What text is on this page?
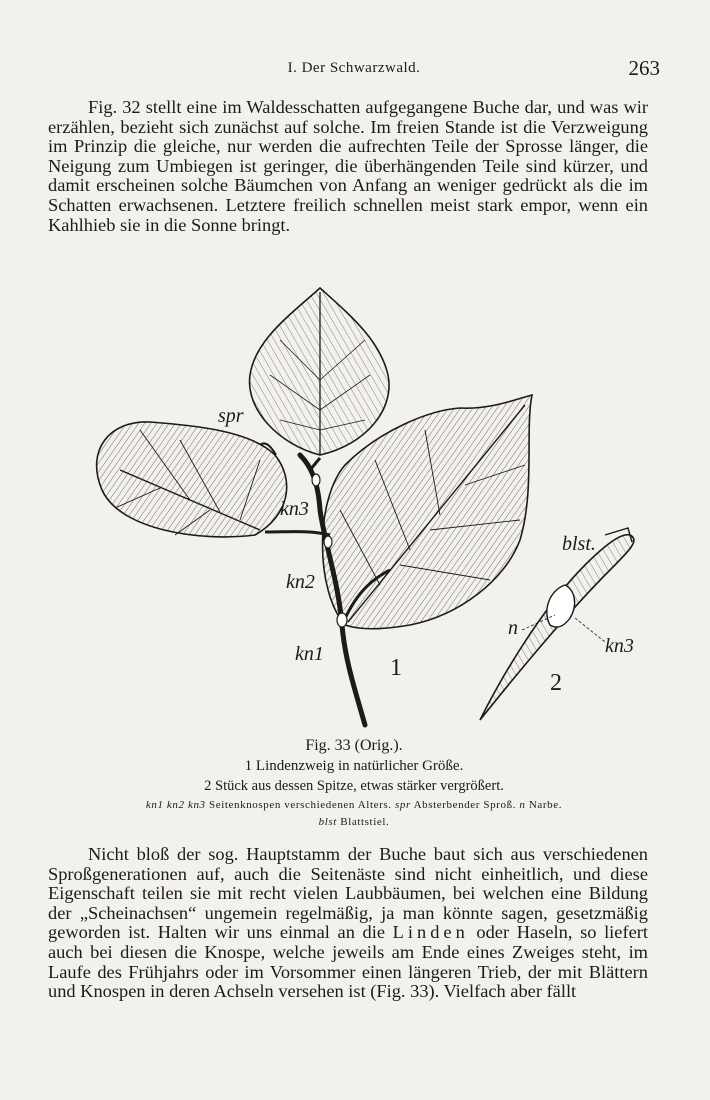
I. Der Schwarzwald.	263

Fig. 32 stellt eine im Waldesschatten aufgegangene Buche dar, und was wir erzählen, bezieht sich zunächst auf solche. Im freien Stande ist die Verzweigung im Prinzip die gleiche, nur werden die aufrechten Teile der Sprosse länger, die Neigung zum Umbiegen ist geringer, die überhängenden Teile sind kürzer, und damit erscheinen solche Bäumchen von Anfang an weniger gedrückt als die im Schatten erwachsenen. Letztere freilich schnellen meist stark empor, wenn ein Kahlhieb sie in die Sonne bringt.

spr
kn3
kn2
kn1
1
blst.
n
kn3
2
Fig. 33 (Orig.).
1 Lindenzweig in natürlicher Größe.
2 Stück aus dessen Spitze, etwas stärker vergrößert.
kn1 kn2 kn3 Seitenknospen verschiedenen Alters. spr Absterbender Sproß. n Narbe.
blst Blattstiel.

Nicht bloß der sog. Hauptstamm der Buche baut sich aus verschiedenen Sproßgenerationen auf, auch die Seitenäste sind nicht einheitlich, und diese Eigenschaft teilen sie mit recht vielen Laubbäumen, bei welchen eine Bildung der „Scheinachsen“ ungemein regelmäßig, ja man könnte sagen, gesetzmäßig geworden ist. Halten wir uns einmal an die Linden oder Haseln, so liefert auch bei diesen die Knospe, welche jeweils am Ende eines Zweiges steht, im Laufe des Frühjahrs oder im Vorsommer einen längeren Trieb, der mit Blättern und Knospen in deren Achseln versehen ist (Fig. 33). Vielfach aber fällt
